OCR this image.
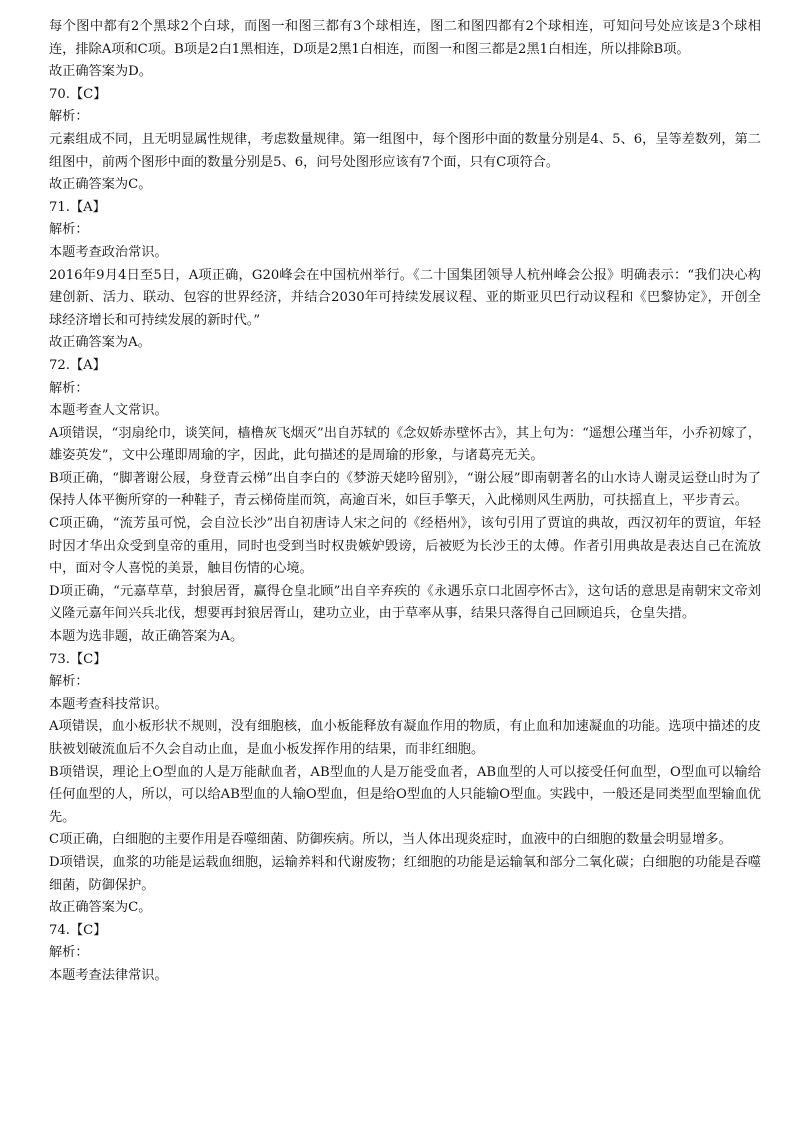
每个图中都有2个黑球2个白球，而图一和图三都有3个球相连，图二和图四都有2个球相连，可知问号处应该是3个球相连，排除A项和C项。B项是2白1黑相连，D项是2黑1白相连，而图一和图三都是2黑1白相连，所以排除B项。

故正确答案为D。

70.【C】

解析：

元素组成不同，且无明显属性规律，考虑数量规律。第一组图中，每个图形中面的数量分别是4、5、6，呈等差数列，第二组图中，前两个图形中面的数量分别是5、6，问号处图形应该有7个面，只有C项符合。

故正确答案为C。

71.【A】

解析：

本题考查政治常识。

2016年9月4日至5日，A项正确，G20峰会在中国杭州举行。《二十国集团领导人杭州峰会公报》明确表示：“我们决心构建创新、活力、联动、包容的世界经济，并结合2030年可持续发展议程、亚的斯亚贝巴行动议程和《巴黎协定》，开创全球经济增长和可持续发展的新时代。”

故正确答案为A。

72.【A】

解析：

本题考查人文常识。

A项错误，“羽扇纶巾，谈笑间，樯橹灰飞烟灭”出自苏轼的《念奴娇赤壁怀古》，其上句为：“遥想公瑾当年，小乔初嫁了，雄姿英发”，文中公瑾即周瑜的字，因此，此句描述的是周瑜的形象，与诸葛亮无关。

B项正确，“脚著谢公屐，身登青云梯”出自李白的《梦游天姥吟留别》，“谢公屐”即南朝著名的山水诗人谢灵运登山时为了保持人体平衡所穿的一种鞋子，青云梯倚崖而筑，高逾百米，如巨手擎天，入此梯则风生两肋，可扶摇直上，平步青云。

C项正确，“流芳虽可悦，会自泣长沙”出自初唐诗人宋之问的《经梧州》，该句引用了贾谊的典故，西汉初年的贾谊，年轻时因才华出众受到皇帝的重用，同时也受到当时权贵嫉妒毁谤，后被贬为长沙王的太傅。作者引用典故是表达自己在流放中，面对令人喜悦的美景，触目伤情的心境。

D项正确，“元嘉草草，封狼居胥，赢得仓皇北顾”出自辛弃疾的《永遇乐京口北固亭怀古》，这句话的意思是南朝宋文帝刘义隆元嘉年间兴兵北伐，想要再封狼居胥山，建功立业，由于草率从事，结果只落得自己回顾追兵，仓皇失措。

本题为选非题，故正确答案为A。

73.【C】

解析：

本题考查科技常识。

A项错误，血小板形状不规则，没有细胞核，血小板能释放有凝血作用的物质，有止血和加速凝血的功能。选项中描述的皮肤被划破流血后不久会自动止血，是血小板发挥作用的结果，而非红细胞。

B项错误，理论上O型血的人是万能献血者，AB型血的人是万能受血者，AB血型的人可以接受任何血型，O型血可以输给任何血型的人，所以，可以给AB型血的人输O型血，但是给O型血的人只能输O型血。实践中，一般还是同类型血型输血优先。

C项正确，白细胞的主要作用是吞噬细菌、防御疾病。所以，当人体出现炎症时，血液中的白细胞的数量会明显增多。

D项错误，血浆的功能是运载血细胞，运输养料和代谢废物；红细胞的功能是运输氧和部分二氧化碳；白细胞的功能是吞噬细菌，防御保护。

故正确答案为C。

74.【C】

解析：

本题考查法律常识。
